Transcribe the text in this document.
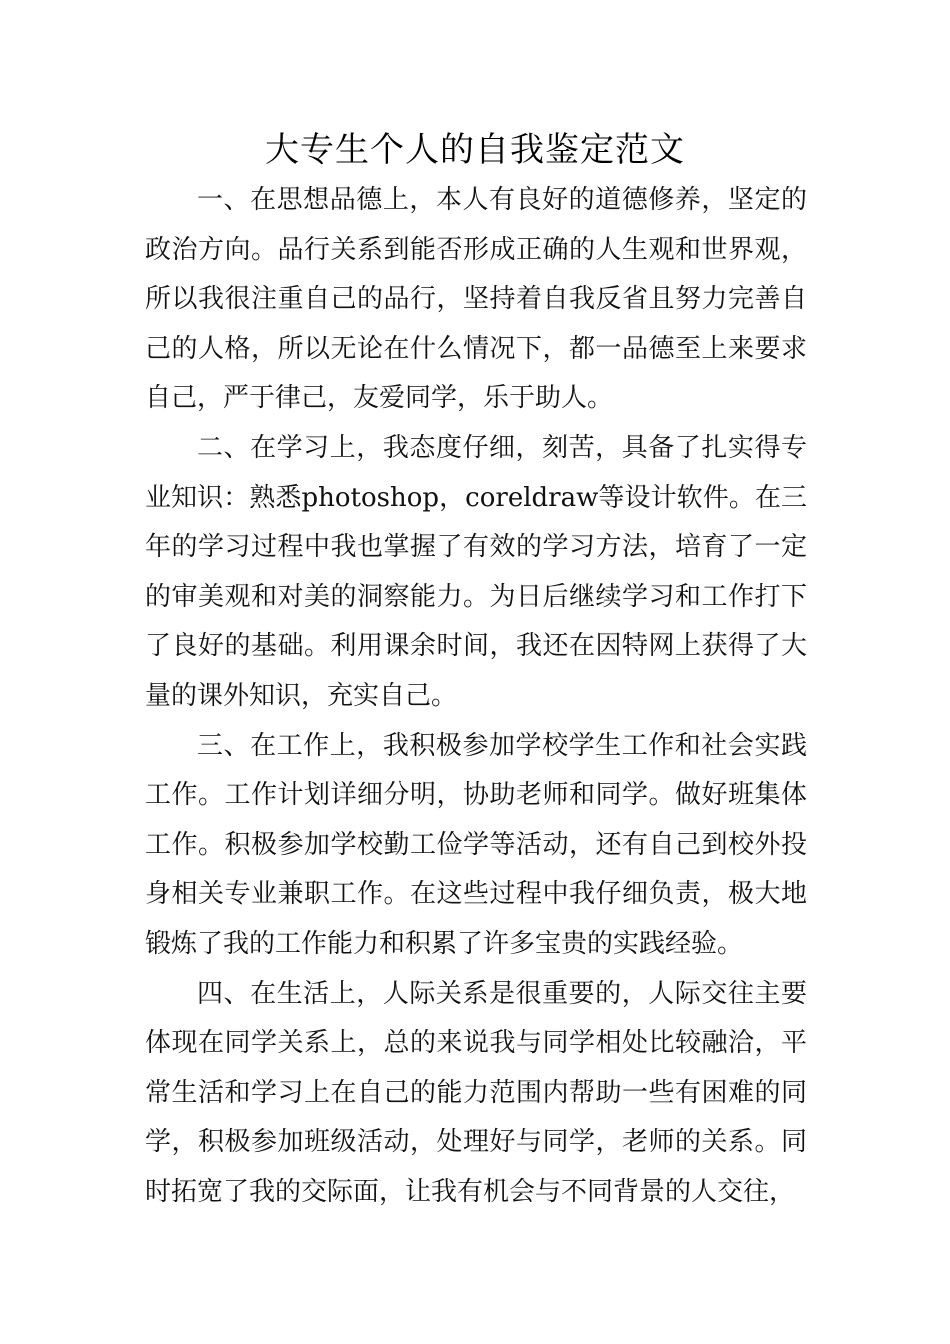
大专生个人的自我鉴定范文

一、在思想品德上，本人有良好的道德修养，坚定的政治方向。品行关系到能否形成正确的人生观和世界观，所以我很注重自己的品行，坚持着自我反省且努力完善自己的人格，所以无论在什么情况下，都一品德至上来要求自己，严于律己，友爱同学，乐于助人。

二、在学习上，我态度仔细，刻苦，具备了扎实得专业知识：熟悉photoshop，coreldraw等设计软件。在三年的学习过程中我也掌握了有效的学习方法，培育了一定的审美观和对美的洞察能力。为日后继续学习和工作打下了良好的基础。利用课余时间，我还在因特网上获得了大量的课外知识，充实自己。

三、在工作上，我积极参加学校学生工作和社会实践工作。工作计划详细分明，协助老师和同学。做好班集体工作。积极参加学校勤工俭学等活动，还有自己到校外投身相关专业兼职工作。在这些过程中我仔细负责，极大地锻炼了我的工作能力和积累了许多宝贵的实践经验。

四、在生活上，人际关系是很重要的，人际交往主要体现在同学关系上，总的来说我与同学相处比较融洽，平常生活和学习上在自己的能力范围内帮助一些有困难的同学，积极参加班级活动，处理好与同学，老师的关系。同时拓宽了我的交际面，让我有机会与不同背景的人交往，
